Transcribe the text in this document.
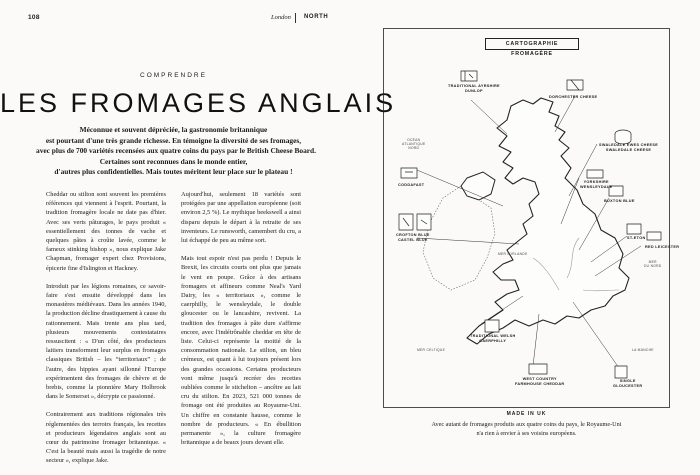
108	London NORTH
COMPRENDRE
LES FROMAGES ANGLAIS
Méconnue et souvent dépréciée, la gastronomie britannique
est pourtant d'une très grande richesse. En témoigne la diversité de ses fromages,
avec plus de 700 variétés recensées aux quatre coins du pays par le British Cheese Board.
Certaines sont reconnues dans le monde entier,
d'autres plus confidentielles. Mais toutes méritent leur place sur le plateau !

Cheddar ou stilton sont souvent les premières références qui viennent à l'esprit. Pourtant, la tradition fromagère locale ne date pas d'hier. Avec ses verts pâturages, le pays produit « essentiellement des tonnes de vache et quelques pâtes à croûte lavée, comme le fameux stinking bishop », nous explique Jake Chapman, fromager expert chez Provisions, épicerie fine d'Islington et Hackney.

Introduit par les légions romaines, ce savoir-faire s'est ensuite développé dans les monastères médiévaux. Dans les années 1940, la production décline drastiquement à cause du rationnement. Mais trente ans plus tard, plusieurs mouvements contestataires ressuscitent : « D'un côté, des producteurs laitiers transforment leur surplus en fromages classiques British – les “territoriaux” ; de l'autre, des hippies ayant sillonné l'Europe expérimentent des fromages de chèvre et de brebis, comme la pionnière Mary Holbrook dans le Somerset », décrypte ce passionné.

Contrairement aux traditions régionales très réglementées des terroirs français, les recettes et producteurs légendaires anglais sont au cœur du patrimoine fromager britannique. « C'est la beauté mais aussi la tragédie de notre secteur », explique Jake.

Aujourd'hui, seulement 18 variétés sont protégées par une appellation européenne (soit environ 2,5 %). Le mythique beekswell a ainsi disparu depuis le départ à la retraite de ses inventeurs. Le runsworth, camembert du cru, a lui échappé de peu au même sort.

Mais tout espoir n'est pas perdu ! Depuis le Brexit, les circuits courts ont plus que jamais le vent en poupe. Grâce à des artisans fromagers et affineurs comme Neal's Yard Dairy, les « territoriaux », comme le caerphilly, le wensleydale, le double gloucester ou le lancashire, revivent. La tradition des fromages à pâte dure s'affirme encore, avec l'indétrônable cheddar en tête de liste. Celui-ci représente la moitié de la consommation nationale. Le stilton, un bleu crémeux, est quant à lui toujours présent lors des grandes occasions. Certains producteurs vont même jusqu'à recréer des recettes oubliées comme le stichelton – ancêtre au lait cru du stilton. En 2023, 521 000 tonnes de fromage ont été produites au Royaume-Uni. Un chiffre en constante hausse, comme le nombre de producteurs. « En ébullition permanente », la culture fromagère britannique a de beaux jours devant elle.

CARTOGRAPHIE FROMAGÈRE
OCÉAN
ATLANTIQUE
NORD
MER
DU NORD
MER D'IRLANDE
MER CELTIQUE	LA MANCHE
TRADITIONAL AYRSHIRE
DUNLOP
DORCHESTER CHEESE
SWALEDALE EWES CHEESE
SWALEDALE CHEESE
YORKSHIRE
WENSLEYDALE
CODDAFAST
BUXTON BLUE
CROFTON BLUE
CASTEL BLUE	ST-ETON
RED LEICESTER
TRADITIONAL WELSH
CAERPHILLY
WEST COUNTRY
FARMHOUSE CHEDDAR
SINGLE
GLOUCESTER
MADE IN UK
Avec autant de fromages produits aux quatre coins du pays, le Royaume-Uni
n'a rien à envier à ses voisins européens.
